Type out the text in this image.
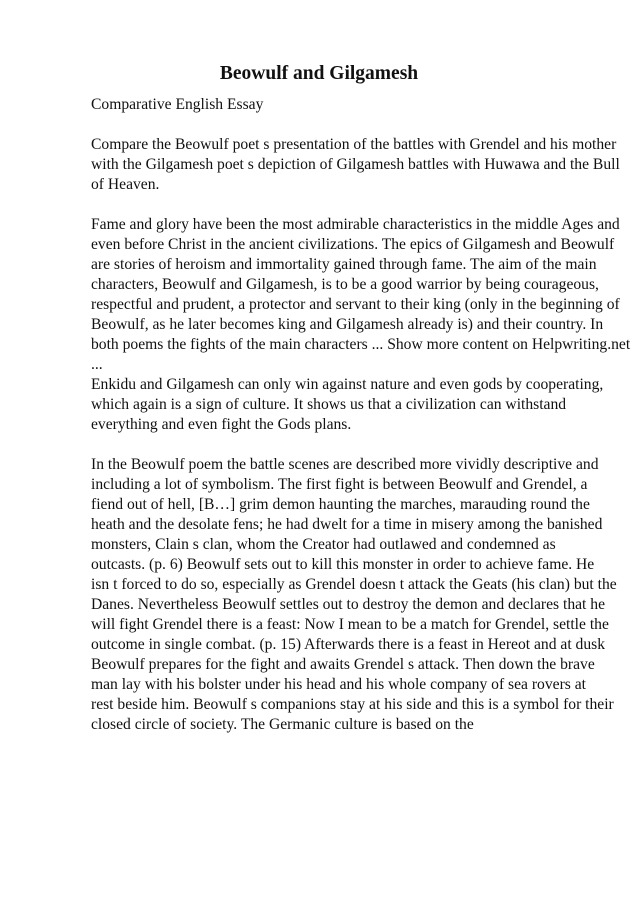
Beowulf and Gilgamesh
Comparative English Essay
Compare the Beowulf poet s presentation of the battles with Grendel and his mother
with the Gilgamesh poet s depiction of Gilgamesh battles with Huwawa and the Bull
of Heaven.
Fame and glory have been the most admirable characteristics in the middle Ages and
even before Christ in the ancient civilizations. The epics of Gilgamesh and Beowulf
are stories of heroism and immortality gained through fame. The aim of the main
characters, Beowulf and Gilgamesh, is to be a good warrior by being courageous,
respectful and prudent, a protector and servant to their king (only in the beginning of
Beowulf, as he later becomes king and Gilgamesh already is) and their country. In
both poems the fights of the main characters ... Show more content on Helpwriting.net
...
Enkidu and Gilgamesh can only win against nature and even gods by cooperating,
which again is a sign of culture. It shows us that a civilization can withstand
everything and even fight the Gods plans.
In the Beowulf poem the battle scenes are described more vividly descriptive and
including a lot of symbolism. The first fight is between Beowulf and Grendel, a
fiend out of hell, [B…] grim demon haunting the marches, marauding round the
heath and the desolate fens; he had dwelt for a time in misery among the banished
monsters, Clain s clan, whom the Creator had outlawed and condemned as
outcasts. (p. 6) Beowulf sets out to kill this monster in order to achieve fame. He
isn t forced to do so, especially as Grendel doesn t attack the Geats (his clan) but the
Danes. Nevertheless Beowulf settles out to destroy the demon and declares that he
will fight Grendel there is a feast: Now I mean to be a match for Grendel, settle the
outcome in single combat. (p. 15) Afterwards there is a feast in Hereot and at dusk
Beowulf prepares for the fight and awaits Grendel s attack. Then down the brave
man lay with his bolster under his head and his whole company of sea rovers at
rest beside him. Beowulf s companions stay at his side and this is a symbol for their
closed circle of society. The Germanic culture is based on the
